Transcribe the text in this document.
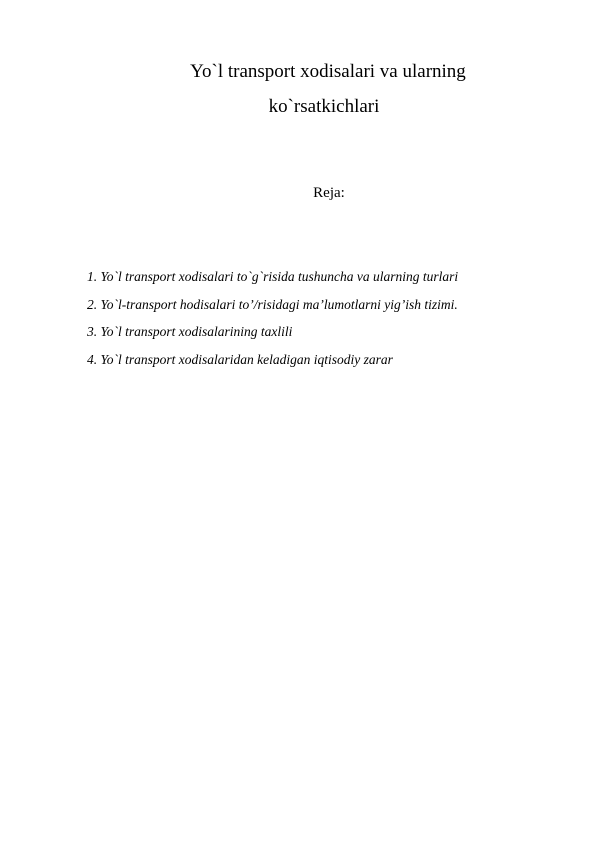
Yo`l transport xodisalari va ularning
ko`rsatkichlari
Reja:
1. Yo`l transport xodisalari to`g`risida tushuncha va ularning turlari
2. Yo`l-transport hodisalari to’/risidagi ma’lumotlarni yig’ish tizimi.
3. Yo`l transport xodisalarining taxlili
4. Yo`l transport xodisalaridan keladigan iqtisodiy zarar
